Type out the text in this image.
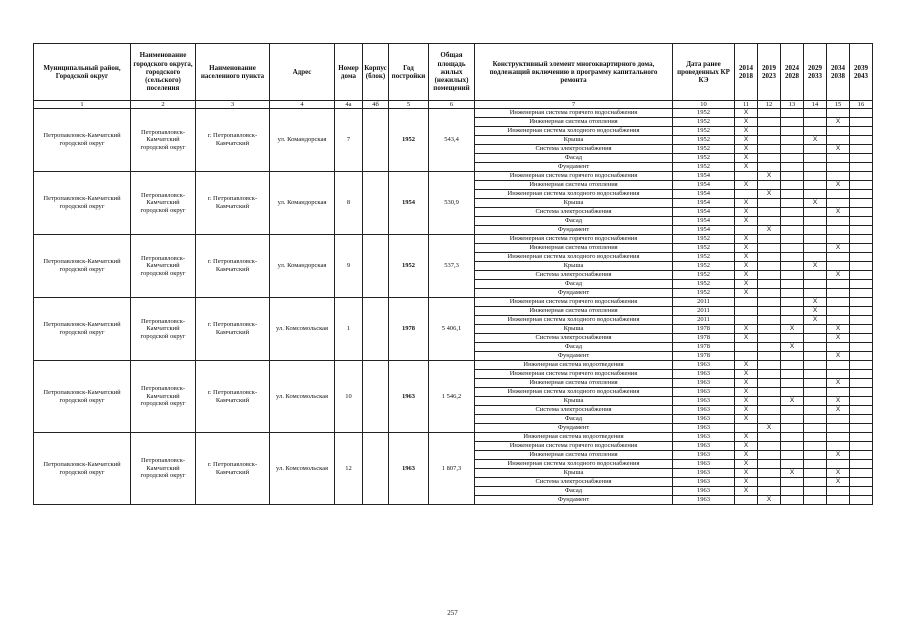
Муниципальный район, Городской округ	Наименование городского округа, городского (сельского) поселения	Наименование населенного пункта	Адрес	Номер дома	Корпус (блок)	Год постройки	Общая площадь жилых (нежилых) помещений	Конструктивный элемент многоквартирного дома, подлежащий включению в программу капитального ремонта	Дата ранее проведенных КР КЭ	2014 2018	2019 2023	2024 2028	2029 2033	2034 2038	2039 2043
1	2	3	4	4а	4б	5	6	7	10	11	12	13	14	15	16
Петропавловск-Камчатский городской округ	Петропавловск-Камчатский городской округ	г. Петропавловск-Камчатский	ул. Командорская	7		1952	543,4	Инженерная система горячего водоснабжения	1952	X					
								Инженерная система отопления	1952	X				X	
								Инженерная система холодного водоснабжения	1952	X					
								Крыша	1952	X			X		
								Система электроснабжения	1952	X				X	
								Фасад	1952	X					
								Фундамент	1952	X					
Петропавловск-Камчатский городской округ	Петропавловск-Камчатский городской округ	г. Петропавловск-Камчатский	ул. Командорская	8		1954	530,9	Инженерная система горячего водоснабжения	1954		X				
								Инженерная система отопления	1954	X				X	
								Инженерная система холодного водоснабжения	1954		X				
								Крыша	1954	X			X		
								Система электроснабжения	1954	X				X	
								Фасад	1954	X					
								Фундамент	1954		X				
Петропавловск-Камчатский городской округ	Петропавловск-Камчатский городской округ	г. Петропавловск-Камчатский	ул. Командорская	9		1952	537,3	Инженерная система горячего водоснабжения	1952	X					
								Инженерная система отопления	1952	X				X	
								Инженерная система холодного водоснабжения	1952	X					
								Крыша	1952	X			X		
								Система электроснабжения	1952	X				X	
								Фасад	1952	X					
								Фундамент	1952	X					
Петропавловск-Камчатский городской округ	Петропавловск-Камчатский городской округ	г. Петропавловск-Камчатский	ул. Комсомольская	1		1978	5 406,1	Инженерная система горячего водоснабжения	2011				X		
								Инженерная система отопления	2011				X		
								Инженерная система холодного водоснабжения	2011				X		
								Крыша	1978	X		X		X	
								Система электроснабжения	1978	X				X	
								Фасад	1978			X			
								Фундамент	1978					X	
Петропавловск-Камчатский городской округ	Петропавловск-Камчатский городской округ	г. Петропавловск-Камчатский	ул. Комсомольская	10		1963	1 546,2	Инженерная система водоотведения	1963	X					
								Инженерная система горячего водоснабжения	1963	X					
								Инженерная система отопления	1963	X				X	
								Инженерная система холодного водоснабжения	1963	X					
								Крыша	1963	X		X		X	
								Система электроснабжения	1963	X				X	
								Фасад	1963	X					
								Фундамент	1963		X				
Петропавловск-Камчатский городской округ	Петропавловск-Камчатский городской округ	г. Петропавловск-Камчатский	ул. Комсомольская	12		1963	1 807,3	Инженерная система водоотведения	1963	X					
								Инженерная система горячего водоснабжения	1963	X					
								Инженерная система отопления	1963	X				X	
								Инженерная система холодного водоснабжения	1963	X					
								Крыша	1963	X		X		X	
								Система электроснабжения	1963	X				X	
								Фасад	1963	X					
								Фундамент	1963		X				
257
